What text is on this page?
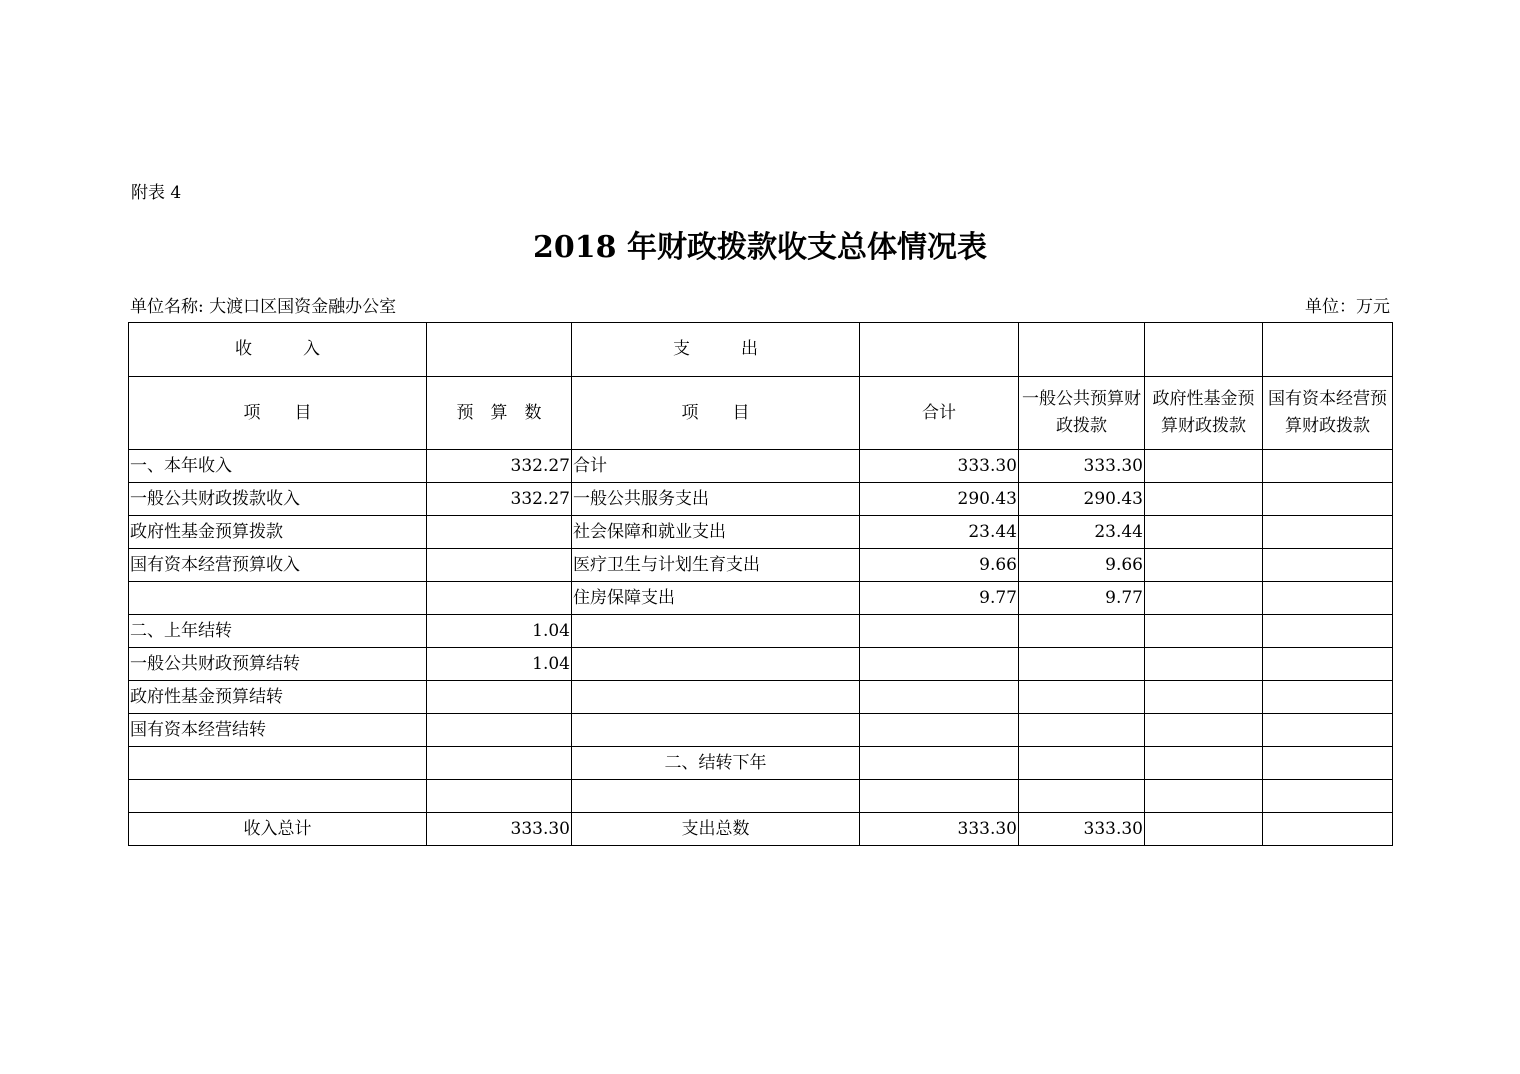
附表 4
2018 年财政拨款收支总体情况表
单位名称: 大渡口区国资金融办公室	单位：万元
收　　　入		支　　　出				
项　　目	预　算　数	项　　目	合计	一般公共预算财政拨款	政府性基金预算财政拨款	国有资本经营预算财政拨款
一、本年收入	332.27	合计	333.30	333.30		
一般公共财政拨款收入	332.27	一般公共服务支出	290.43	290.43		
政府性基金预算拨款		社会保障和就业支出	23.44	23.44		
国有资本经营预算收入		医疗卫生与计划生育支出	9.66	9.66		
		住房保障支出	9.77	9.77		
二、上年结转	1.04					
一般公共财政预算结转	1.04					
政府性基金预算结转						
国有资本经营结转						
		二、结转下年				

收入总计	333.30	支出总数	333.30	333.30		
